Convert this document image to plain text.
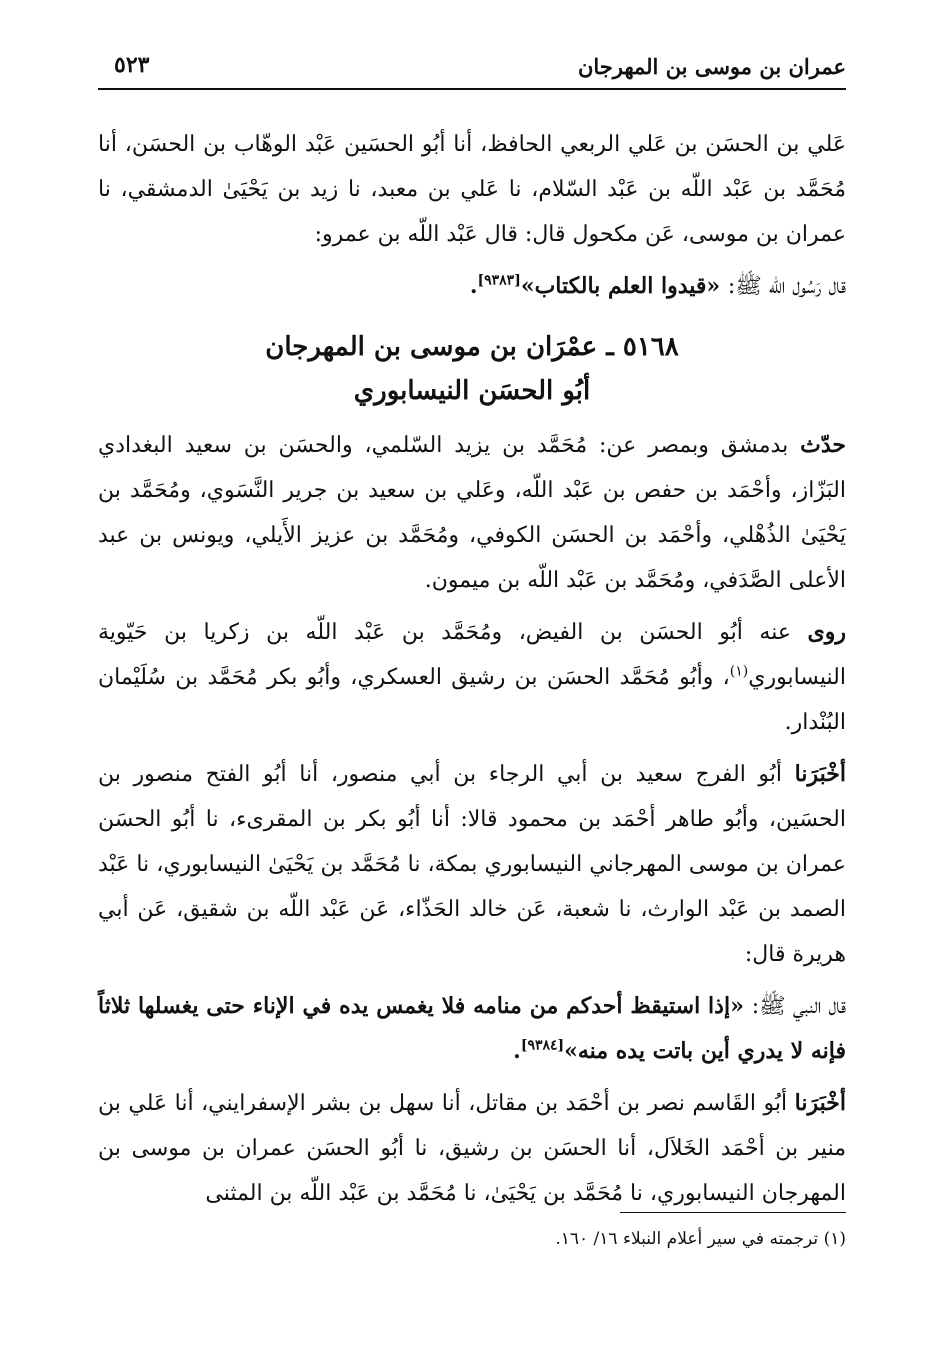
عمران بن موسى بن المهرجان
٥٢٣

عَلي بن الحسَن بن عَلي الربعي الحافظ، أنا أبُو الحسَين عَبْد الوهّاب بن الحسَن، أنا مُحَمَّد بن عَبْد اللّه بن عَبْد السّلام، نا عَلي بن معبد، نا زيد بن يَحْيَىٰ الدمشقي، نا عمران بن موسى، عَن مكحول قال: قال عَبْد اللّه بن عمرو:

قال رَسُول الله ﷺ: «قيدوا العلم بالكتاب»[٩٣٨٣].

٥١٦٨ ـ عمْرَان بن موسى بن المهرجان
أبُو الحسَن النيسابوري

حدّث بدمشق وبمصر عن: مُحَمَّد بن يزيد السّلمي، والحسَن بن سعيد البغدادي البَزّاز، وأحْمَد بن حفص بن عَبْد اللّه، وعَلي بن سعيد بن جرير النَّسَوي، ومُحَمَّد بن يَحْيَىٰ الذُهْلي، وأحْمَد بن الحسَن الكوفي، ومُحَمَّد بن عزيز الأَيلي، ويونس بن عبد الأعلى الصَّدَفي، ومُحَمَّد بن عَبْد اللّه بن ميمون.

روى عنه أبُو الحسَن بن الفيض، ومُحَمَّد بن عَبْد اللّه بن زكريا بن حَيّوية النيسابوري$^{(١)}$، وأبُو مُحَمَّد الحسَن بن رشيق العسكري، وأبُو بكر مُحَمَّد بن سُلَيْمان البُنْدار.

أخْبَرَنا أبُو الفرج سعيد بن أبي الرجاء بن أبي منصور، أنا أبُو الفتح منصور بن الحسَين، وأبُو طاهر أحْمَد بن محمود قالا: أنا أبُو بكر بن المقرىء، نا أبُو الحسَن عمران بن موسى المهرجاني النيسابوري بمكة، نا مُحَمَّد بن يَحْيَىٰ النيسابوري، نا عَبْد الصمد بن عَبْد الوارث، نا شعبة، عَن خالد الحَذّاء، عَن عَبْد اللّه بن شقيق، عَن أبي هريرة قال:

قال النبي ﷺ: «إذا استيقظ أحدكم من منامه فلا يغمس يده في الإناء حتى يغسلها ثلاثاً فإنه لا يدري أين باتت يده منه»[٩٣٨٤].

أخْبَرَنا أبُو القَاسم نصر بن أحْمَد بن مقاتل، أنا سهل بن بشر الإسفرايني، أنا عَلي بن منير بن أحْمَد الخَلاَل، أنا الحسَن بن رشيق، نا أبُو الحسَن عمران بن موسى بن المهرجان النيسابوري، نا مُحَمَّد بن يَحْيَىٰ، نا مُحَمَّد بن عَبْد اللّه بن المثنى

(١) ترجمته في سير أعلام النبلاء ١٦/ ١٦٠.
